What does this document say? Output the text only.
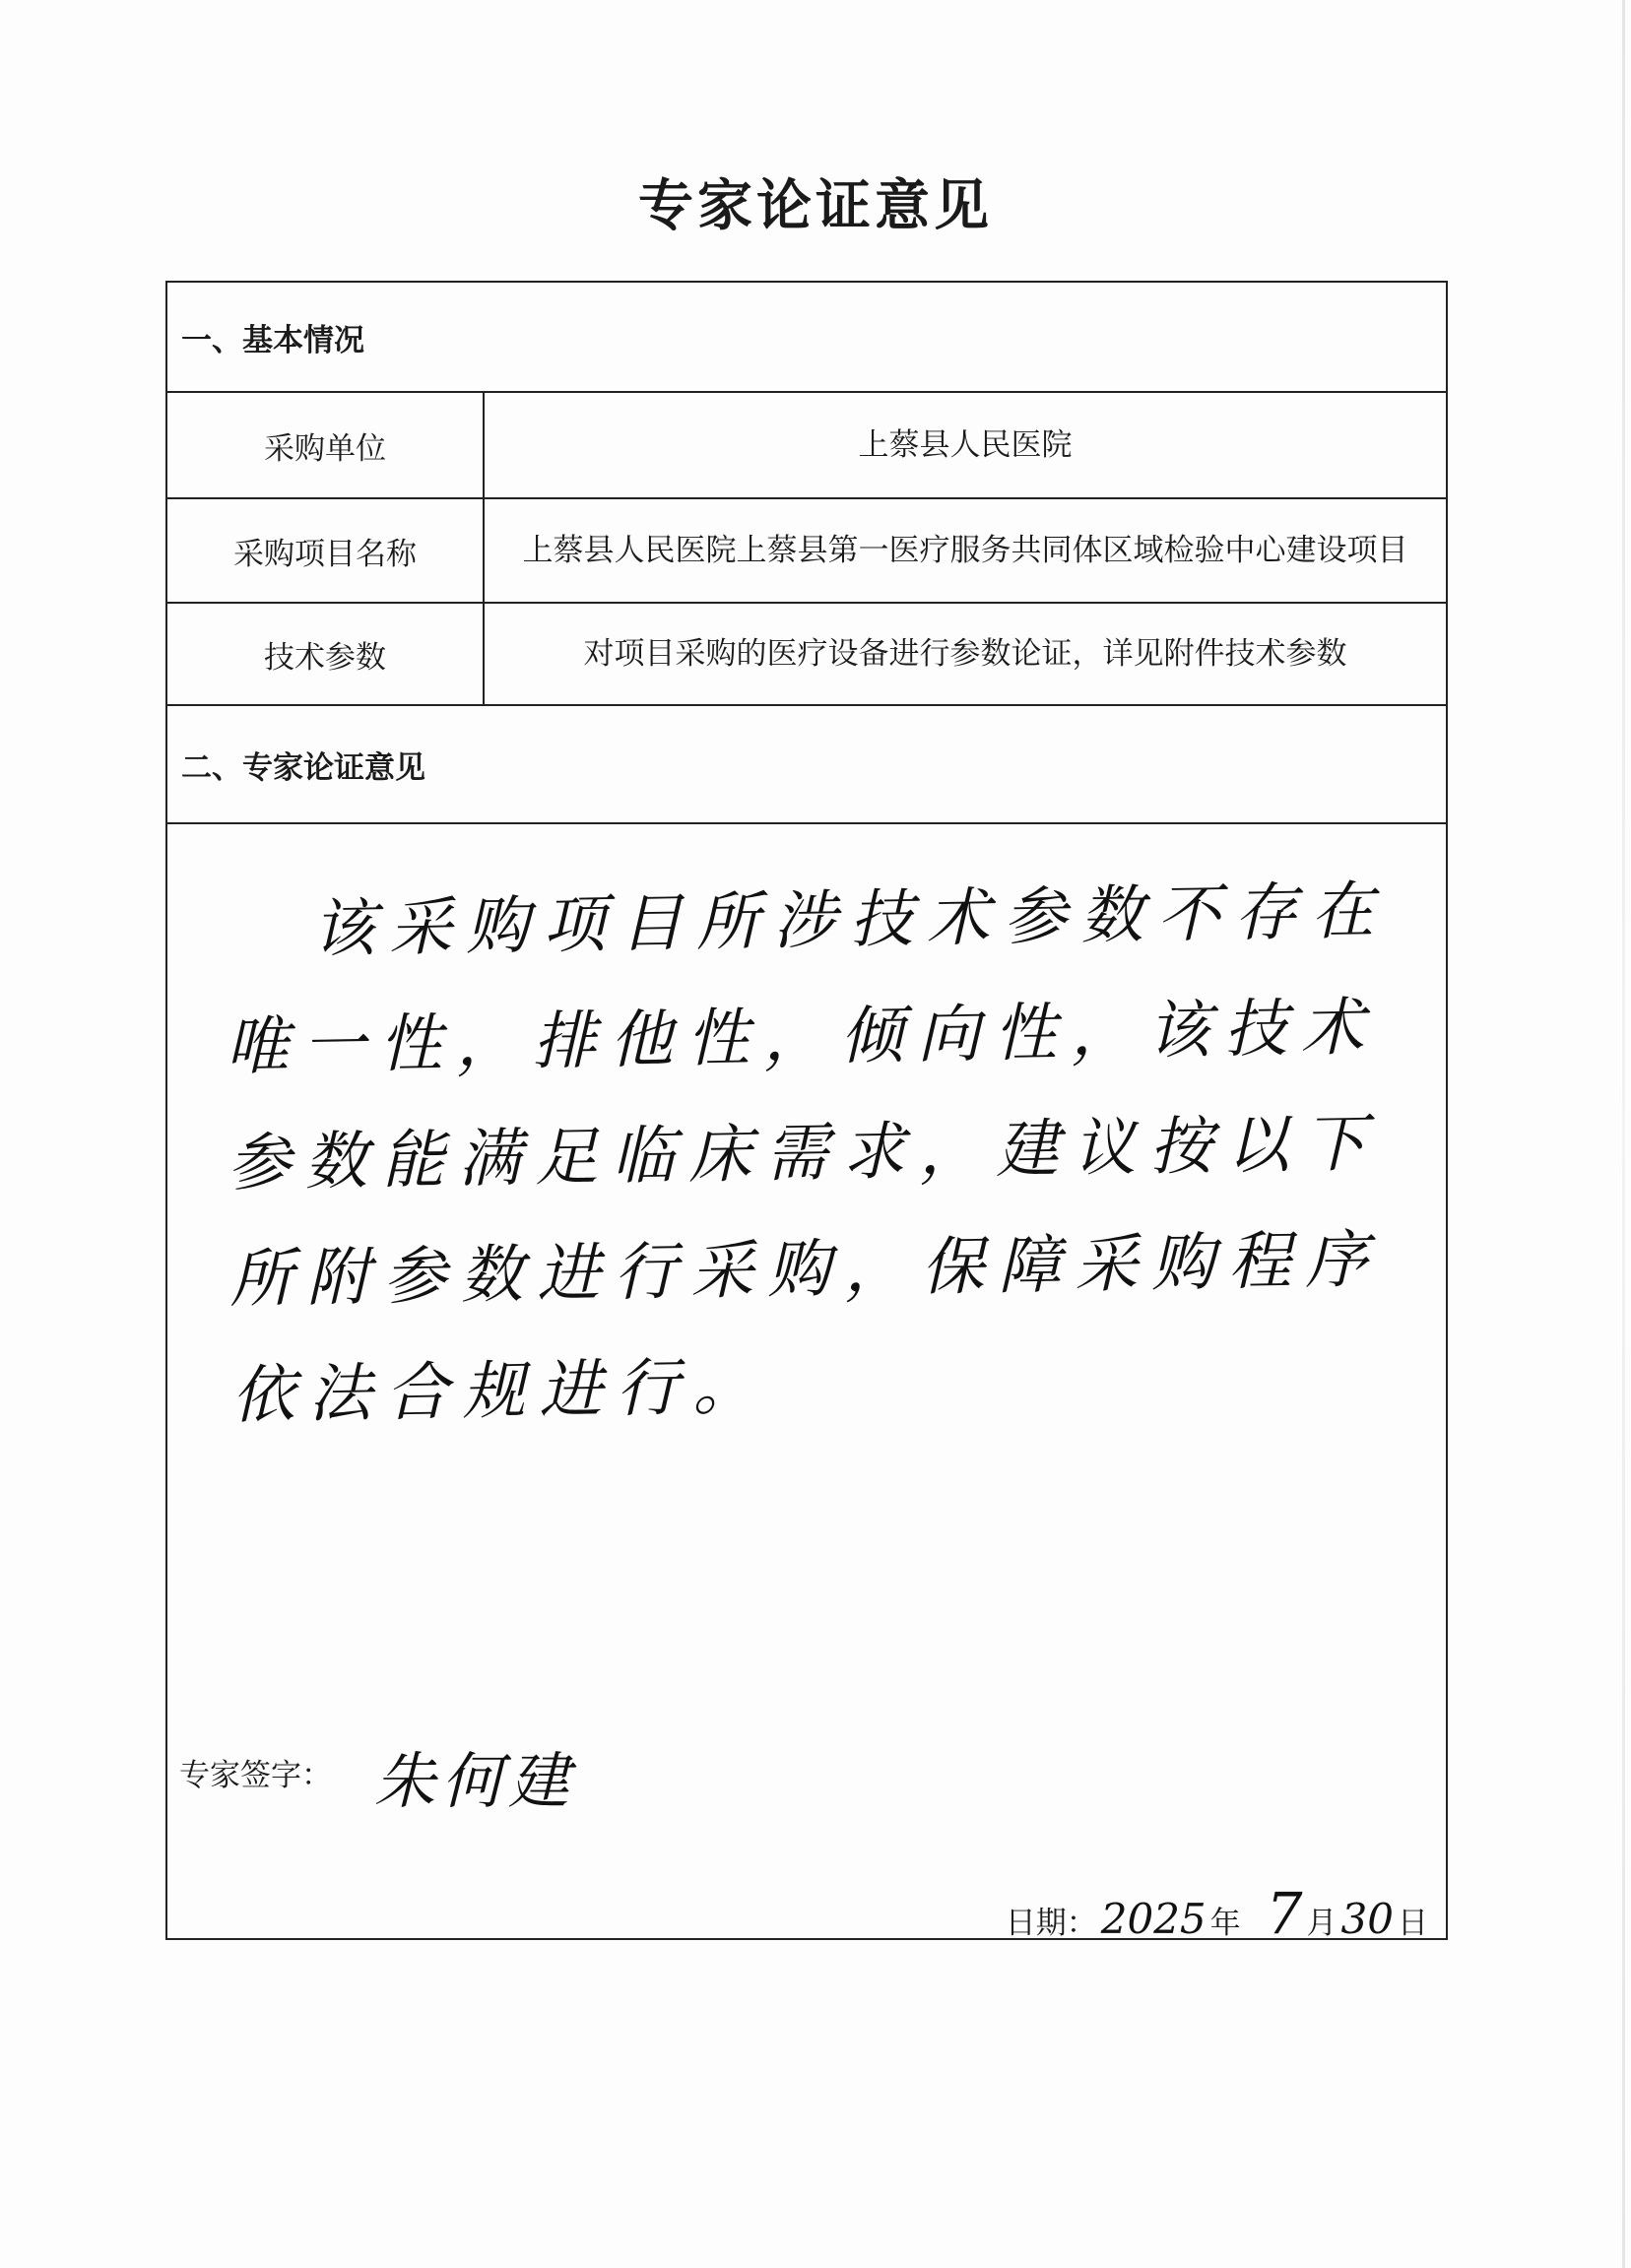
专家论证意见
一、基本情况
采购单位	上蔡县人民医院
采购项目名称	上蔡县人民医院上蔡县第一医疗服务共同体区域检验中心建设项目
技术参数	对项目采购的医疗设备进行参数论证，详见附件技术参数
二、专家论证意见
该采购项目所涉技术参数不存在唯一性，排他性，倾向性，该技术参数能满足临床需求，建议按以下所附参数进行采购，保障采购程序依法合规进行。
专家签字： 朱何建
日期： 2025 年 7 月 30 日
